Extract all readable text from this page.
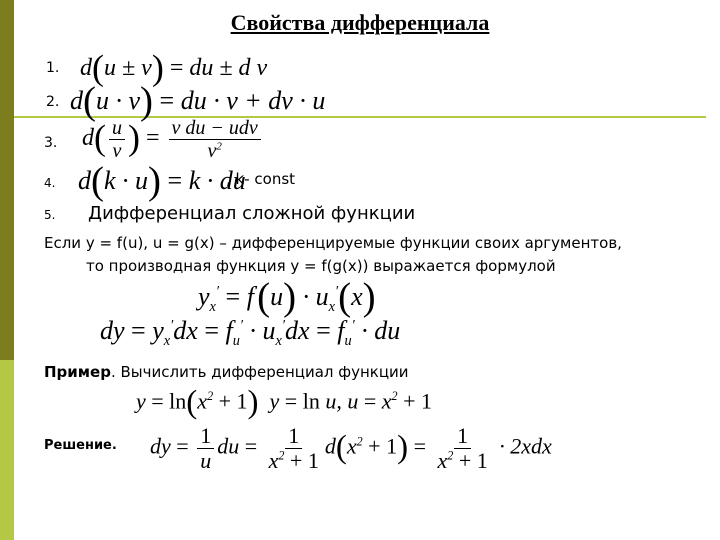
Свойства дифференциала
1. d(u ± v) = du ± d v
2. d(u · v) = du · v + dv · u
3. $d( \frac{u}{v}$ ) = $\frac{\text{v du − udv}}{v^2}$
4. d(k · u) = k · du
, k- const
5. Дифференциал сложной функции
Если y = f(u), u = g(x) – дифференцируемые функции своих аргументов,
то производная функция y = f(g(x)) выражается формулой
$y_x' = f'(u) \cdot u_x'(x)$
dy = $y_x'dx = f_u' \cdot u_x'dx = f_u'$ · du
Пример. Вычислить дифференциал функции
$y = \ln(x^2 + 1) y = \ln u$, $u = x^2 + 1$
Решение. dy = $\frac{1}{u}$ du = $\frac{1}{x^2 + 1} d(x^2 + 1) = \frac{1}{x^2 + 1} \cdot 2xdx$
